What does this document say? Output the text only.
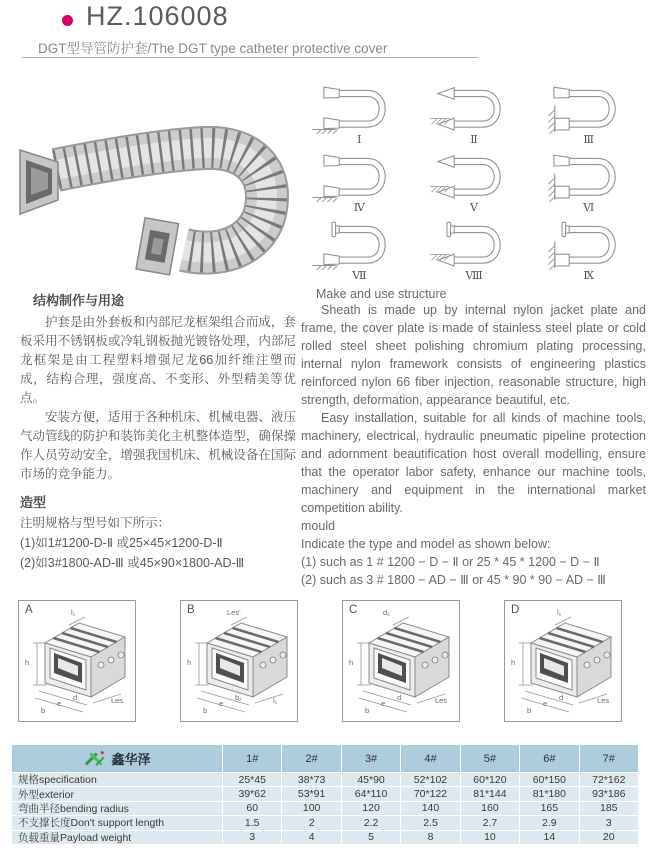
HZ.106008
DGT型导管防护套/The DGT type catheter protective cover
Ⅰ	Ⅱ	Ⅲ
Ⅳ	Ⅴ	Ⅵ
Ⅶ	Ⅷ	Ⅸ
结构制作与用途

护套是由外套板和内部尼龙框架组合而成，套板采用不锈钢板或冷轧钢板抛光镀铬处理，内部尼龙框架是由工程塑料增强尼龙66加纤维注塑而成，结构合理，强度高、不变形、外型精美等优点。

安装方便，适用于各种机床、机械电器、液压气动管线的防护和装饰美化主机整体造型，确保操作人员劳动安全，增强我国机床、机械设备在国际市场的竞争能力。

造型
注明规格与型号如下所示：
(1)如1#1200-D-Ⅱ 或25×45×1200-D-Ⅱ
(2)如3#1800-AD-Ⅲ 或45×90×1800-AD-Ⅲ
Make and use structure

Sheath is made up by internal nylon jacket plate and frame, the cover plate is made of stainless steel plate or cold rolled steel sheet polishing chromium plating processing, internal nylon framework consists of engineering plastics reinforced nylon 66 fiber injection, reasonable structure, high strength, deformation, appearance beautiful, etc.

Easy installation, suitable for all kinds of machine tools, machinery, electrical, hydraulic pneumatic pipeline protection and adornment beautification host overall modelling, ensure that the operator labor safety, enhance our machine tools, machinery and equipment in the international market competition ability.

mould
Indicate the type and model as shown below:
(1) such as 1 # 1200 − D − Ⅱ or 25 * 45 * 1200 − D − Ⅱ
(2) such as 3 # 1800 − AD − Ⅲ or 45 * 90 * 90 − AD − Ⅲ
h
b
e
d
l₁
Les
A
h
b
e
b₁
Les′
l₁
B
h
b
e
d
d₁
Les
C
h
b
e
d
l₁
Les
D
鑫华泽	1#	2#	3#	4#	5#	6#	7#
规格specification	25*45	38*73	45*90	52*102	60*120	60*150	72*162
外型exterior	39*62	53*91	64*110	70*122	81*144	81*180	93*186
弯曲半径bending radius	60	100	120	140	160	165	185
不支撑长度Don't support length	1.5	2	2.2	2.5	2.7	2.9	3
负载重量Payload weight	3	4	5	8	10	14	20
